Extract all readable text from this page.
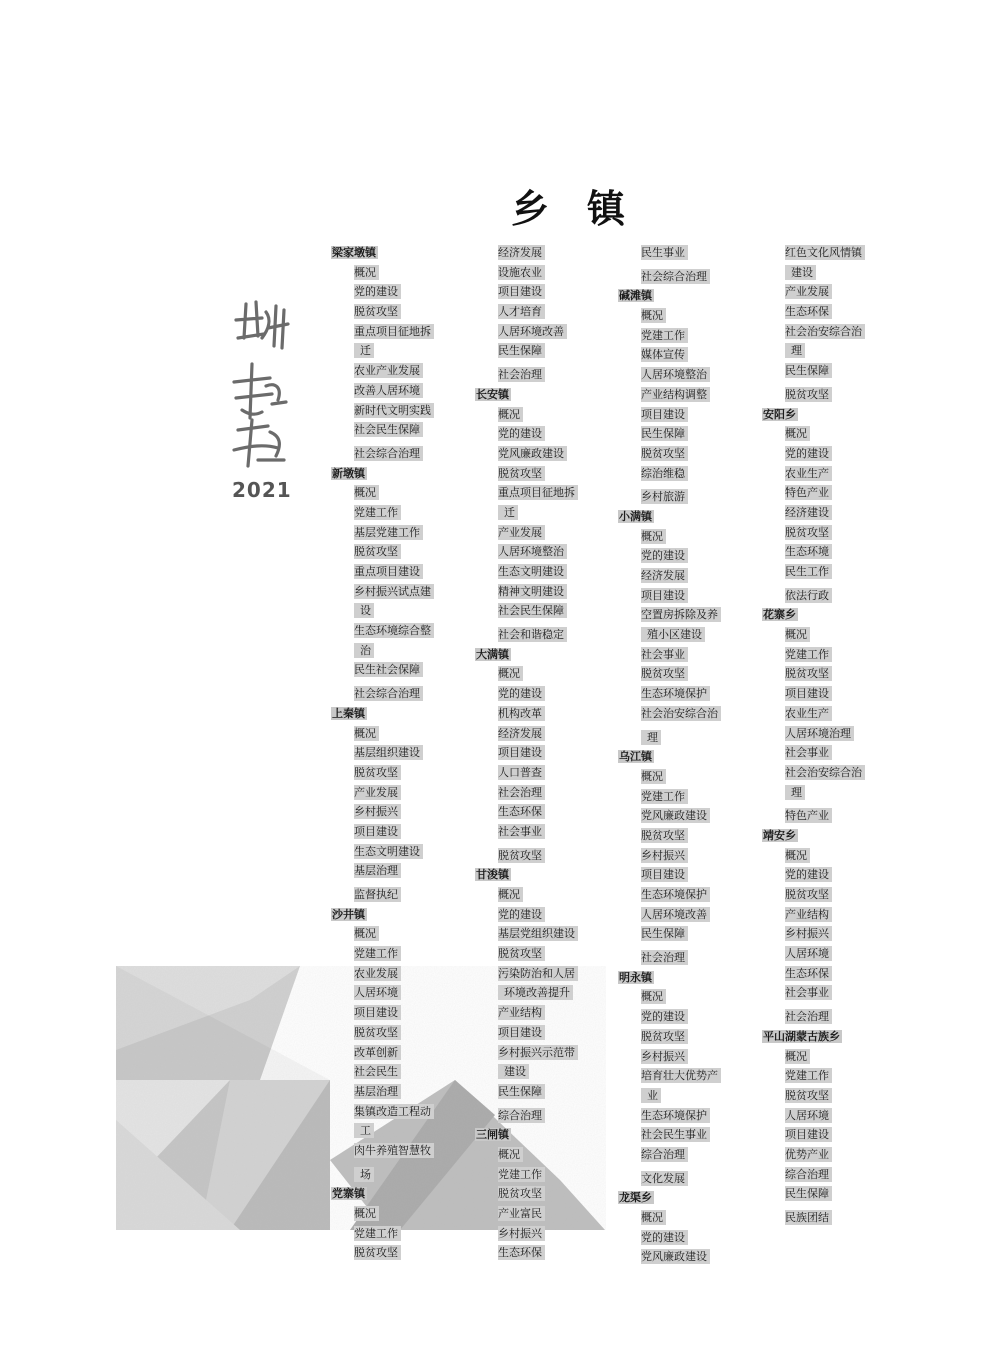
乡镇
2021
梁家墩镇
概况
党的建设
脱贫攻坚
重点项目征地拆
迁
农业产业发展
改善人居环境
新时代文明实践
社会民生保障
社会综合治理
新墩镇
概况
党建工作
基层党建工作
脱贫攻坚
重点项目建设
乡村振兴试点建
设
生态环境综合整
治
民生社会保障
社会综合治理
上秦镇
概况
基层组织建设
脱贫攻坚
产业发展
乡村振兴
项目建设
生态文明建设
基层治理
监督执纪
沙井镇
概况
党建工作
农业发展
人居环境
项目建设
脱贫攻坚
改革创新
社会民生
基层治理
集镇改造工程动
工
肉牛养殖智慧牧
场
党寨镇
概况
党建工作
脱贫攻坚
经济发展
设施农业
项目建设
人才培育
人居环境改善
民生保障
社会治理
长安镇
概况
党的建设
党风廉政建设
脱贫攻坚
重点项目征地拆
迁
产业发展
人居环境整治
生态文明建设
精神文明建设
社会民生保障
社会和谐稳定
大满镇
概况
党的建设
机构改革
经济发展
项目建设
人口普查
社会治理
生态环保
社会事业
脱贫攻坚
甘浚镇
概况
党的建设
基层党组织建设
脱贫攻坚
污染防治和人居
环境改善提升
产业结构
项目建设
乡村振兴示范带
建设
民生保障
综合治理
三闸镇
概况
党建工作
脱贫攻坚
产业富民
乡村振兴
生态环保
民生事业
社会综合治理
碱滩镇
概况
党建工作
媒体宣传
人居环境整治
产业结构调整
项目建设
民生保障
脱贫攻坚
综治维稳
乡村旅游
小满镇
概况
党的建设
经济发展
项目建设
空置房拆除及养
殖小区建设
社会事业
脱贫攻坚
生态环境保护
社会治安综合治
理
乌江镇
概况
党建工作
党风廉政建设
脱贫攻坚
乡村振兴
项目建设
生态环境保护
人居环境改善
民生保障
社会治理
明永镇
概况
党的建设
脱贫攻坚
乡村振兴
培育壮大优势产
业
生态环境保护
社会民生事业
综合治理
文化发展
龙渠乡
概况
党的建设
党风廉政建设
红色文化风情镇
建设
产业发展
生态环保
社会治安综合治
理
民生保障
脱贫攻坚
安阳乡
概况
党的建设
农业生产
特色产业
经济建设
脱贫攻坚
生态环境
民生工作
依法行政
花寨乡
概况
党建工作
脱贫攻坚
项目建设
农业生产
人居环境治理
社会事业
社会治安综合治
理
特色产业
靖安乡
概况
党的建设
脱贫攻坚
产业结构
乡村振兴
人居环境
生态环保
社会事业
社会治理
平山湖蒙古族乡
概况
党建工作
脱贫攻坚
人居环境
项目建设
优势产业
综合治理
民生保障
民族团结
